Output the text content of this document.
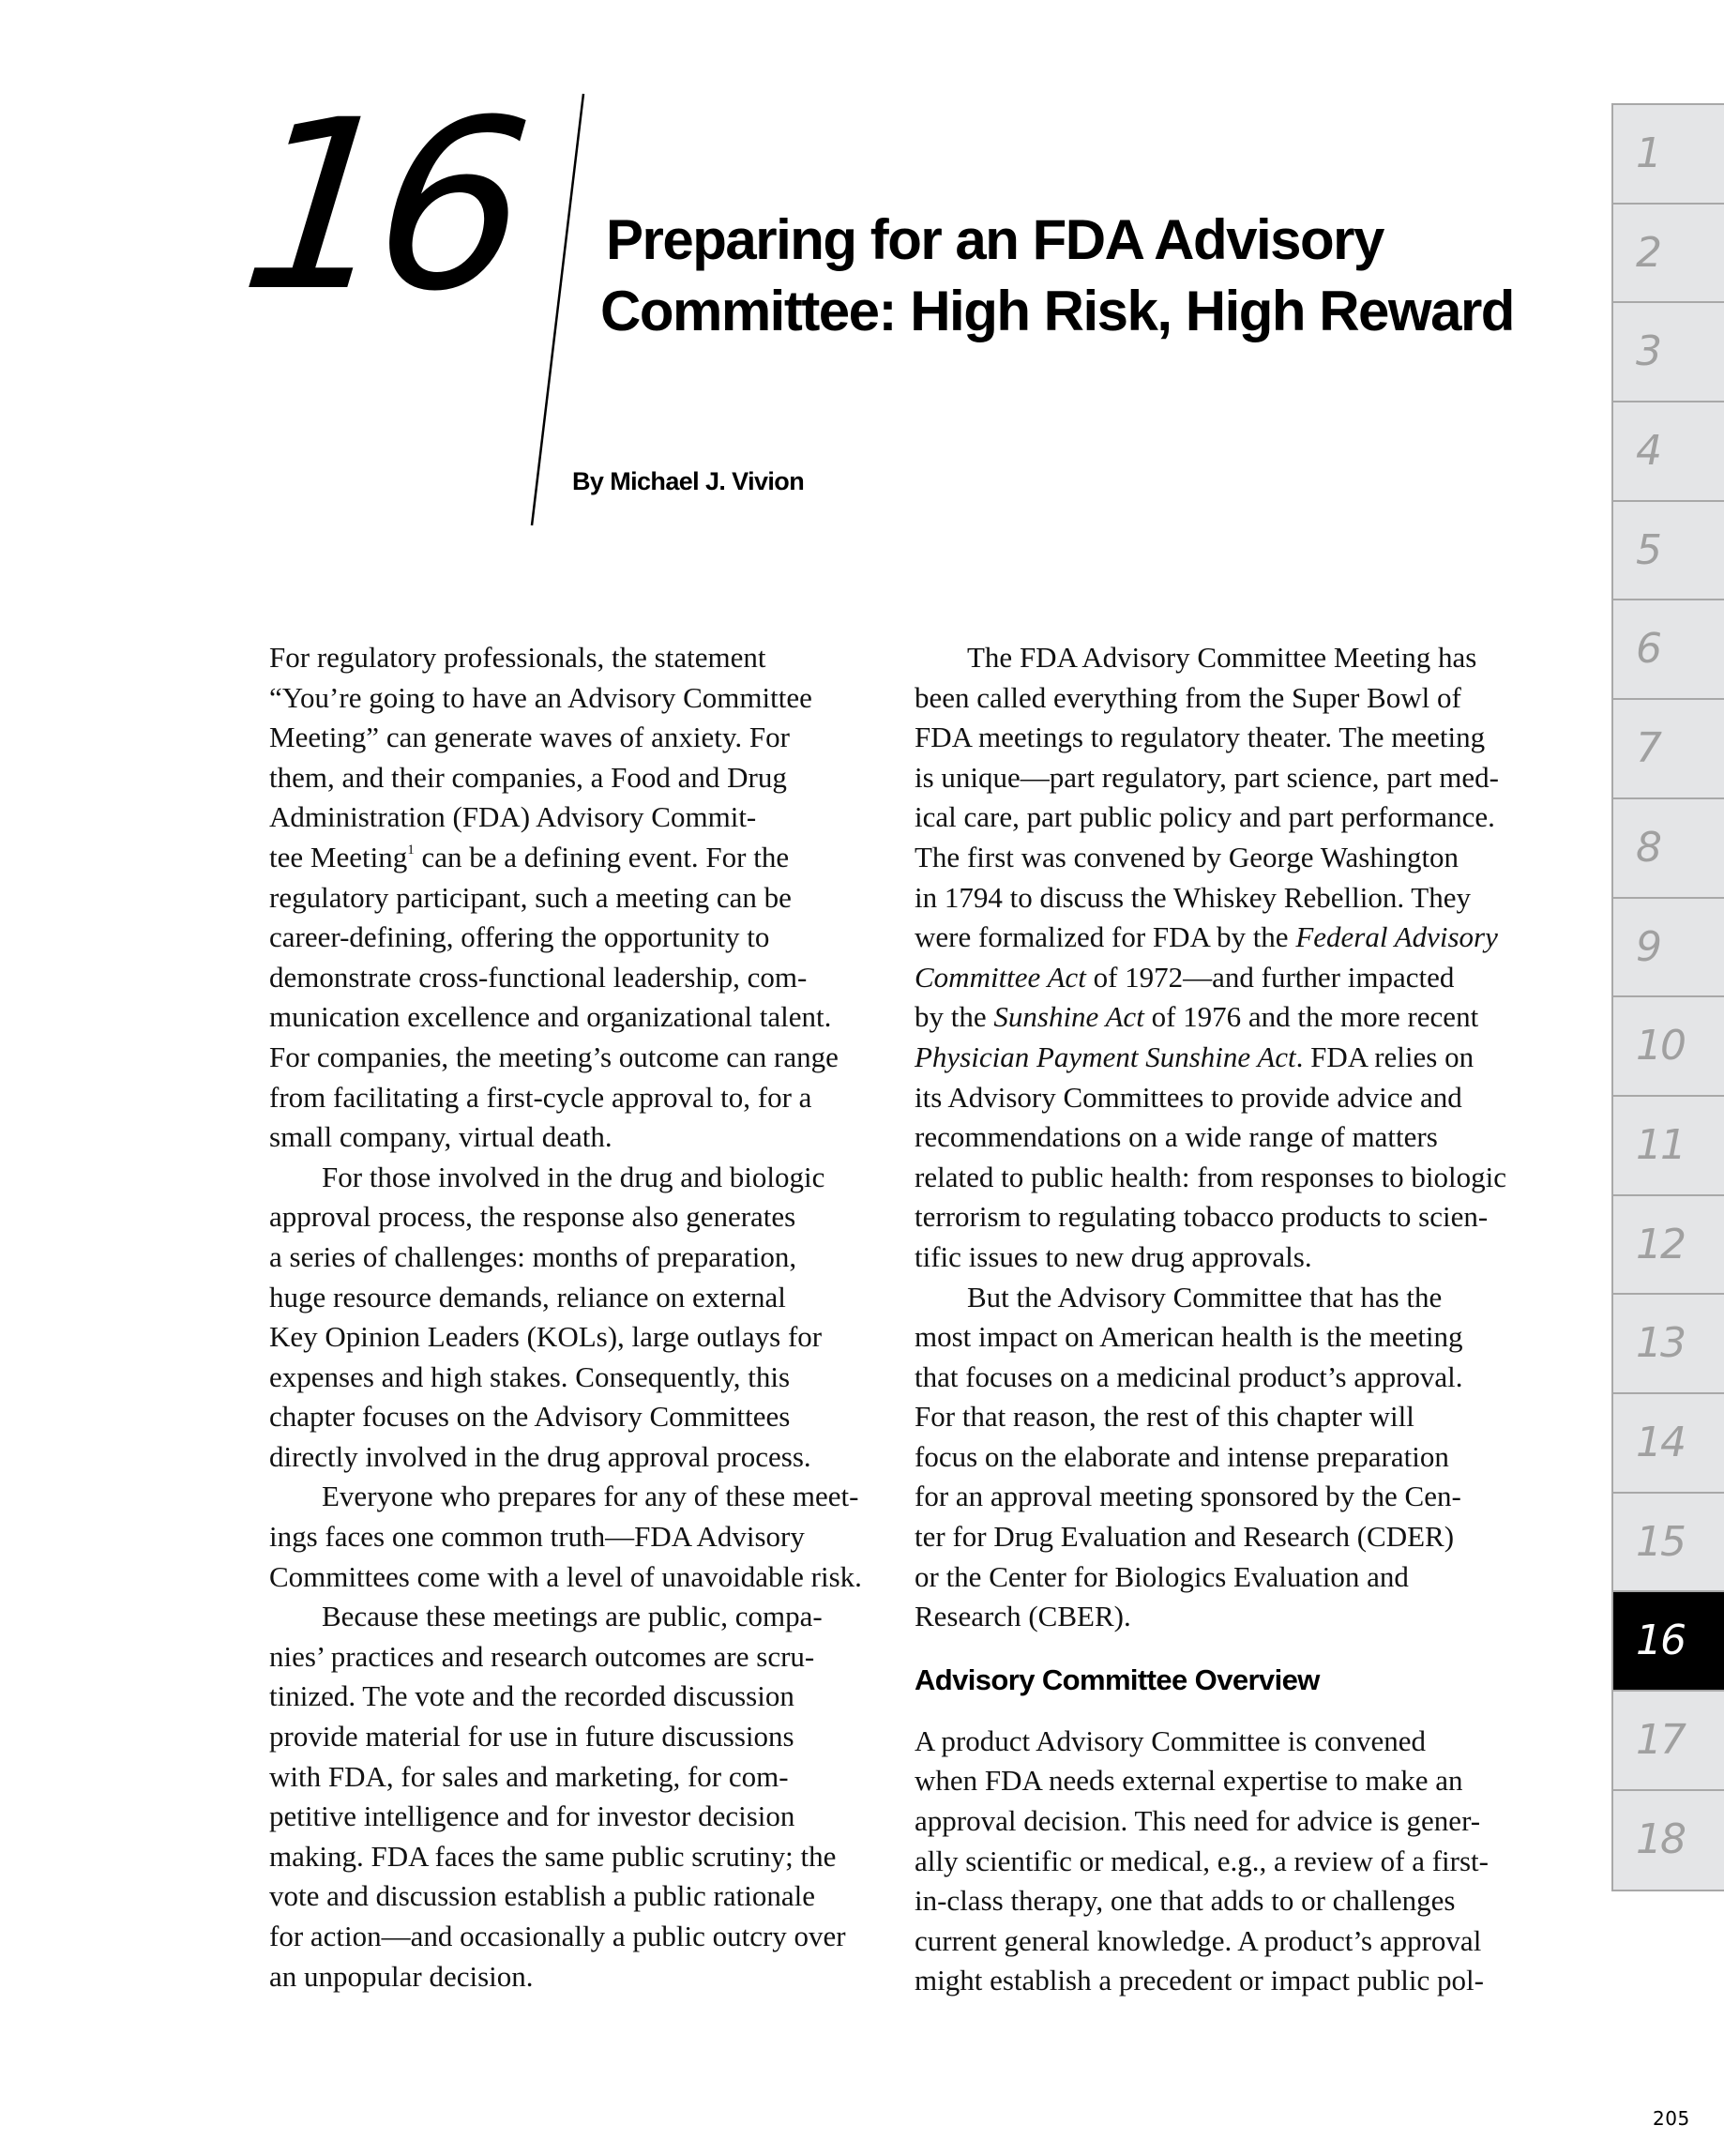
16 Preparing for an FDA Advisory
Committee: High Risk, High Reward
By Michael J. Vivion

For regulatory professionals, the statement
“You’re going to have an Advisory Committee
Meeting” can generate waves of anxiety. For
them, and their companies, a Food and Drug
Administration (FDA) Advisory Commit-
tee Meeting$^1$ can be a defining event. For the
regulatory participant, such a meeting can be
career-defining, offering the opportunity to
demonstrate cross-functional leadership, com-
munication excellence and organizational talent.
For companies, the meeting’s outcome can range
from facilitating a first-cycle approval to, for a
small company, virtual death.

For those involved in the drug and biologic
approval process, the response also generates
a series of challenges: months of preparation,
huge resource demands, reliance on external
Key Opinion Leaders (KOLs), large outlays for
expenses and high stakes. Consequently, this
chapter focuses on the Advisory Committees
directly involved in the drug approval process.

Everyone who prepares for any of these meet-
ings faces one common truth—FDA Advisory
Committees come with a level of unavoidable risk.

Because these meetings are public, compa-
nies’ practices and research outcomes are scru-
tinized. The vote and the recorded discussion
provide material for use in future discussions
with FDA, for sales and marketing, for com-
petitive intelligence and for investor decision
making. FDA faces the same public scrutiny; the
vote and discussion establish a public rationale
for action—and occasionally a public outcry over
an unpopular decision.

The FDA Advisory Committee Meeting has
been called everything from the Super Bowl of
FDA meetings to regulatory theater. The meeting
is unique—part regulatory, part science, part med-
ical care, part public policy and part performance.
The first was convened by George Washington
in 1794 to discuss the Whiskey Rebellion. They
were formalized for FDA by the Federal Advisory
Committee Act of 1972—and further impacted
by the Sunshine Act of 1976 and the more recent
Physician Payment Sunshine Act. FDA relies on
its Advisory Committees to provide advice and
recommendations on a wide range of matters
related to public health: from responses to biologic
terrorism to regulating tobacco products to scien-
tific issues to new drug approvals.

But the Advisory Committee that has the
most impact on American health is the meeting
that focuses on a medicinal product’s approval.
For that reason, the rest of this chapter will
focus on the elaborate and intense preparation
for an approval meeting sponsored by the Cen-
ter for Drug Evaluation and Research (CDER)
or the Center for Biologics Evaluation and
Research (CBER).

Advisory Committee Overview

A product Advisory Committee is convened
when FDA needs external expertise to make an
approval decision. This need for advice is gener-
ally scientific or medical, e.g., a review of a first-
in-class therapy, one that adds to or challenges
current general knowledge. A product’s approval
might establish a precedent or impact public pol-

1
2
3
4
5
6
7
8
9
10
11
12
13
14
15
16
17
18
205
